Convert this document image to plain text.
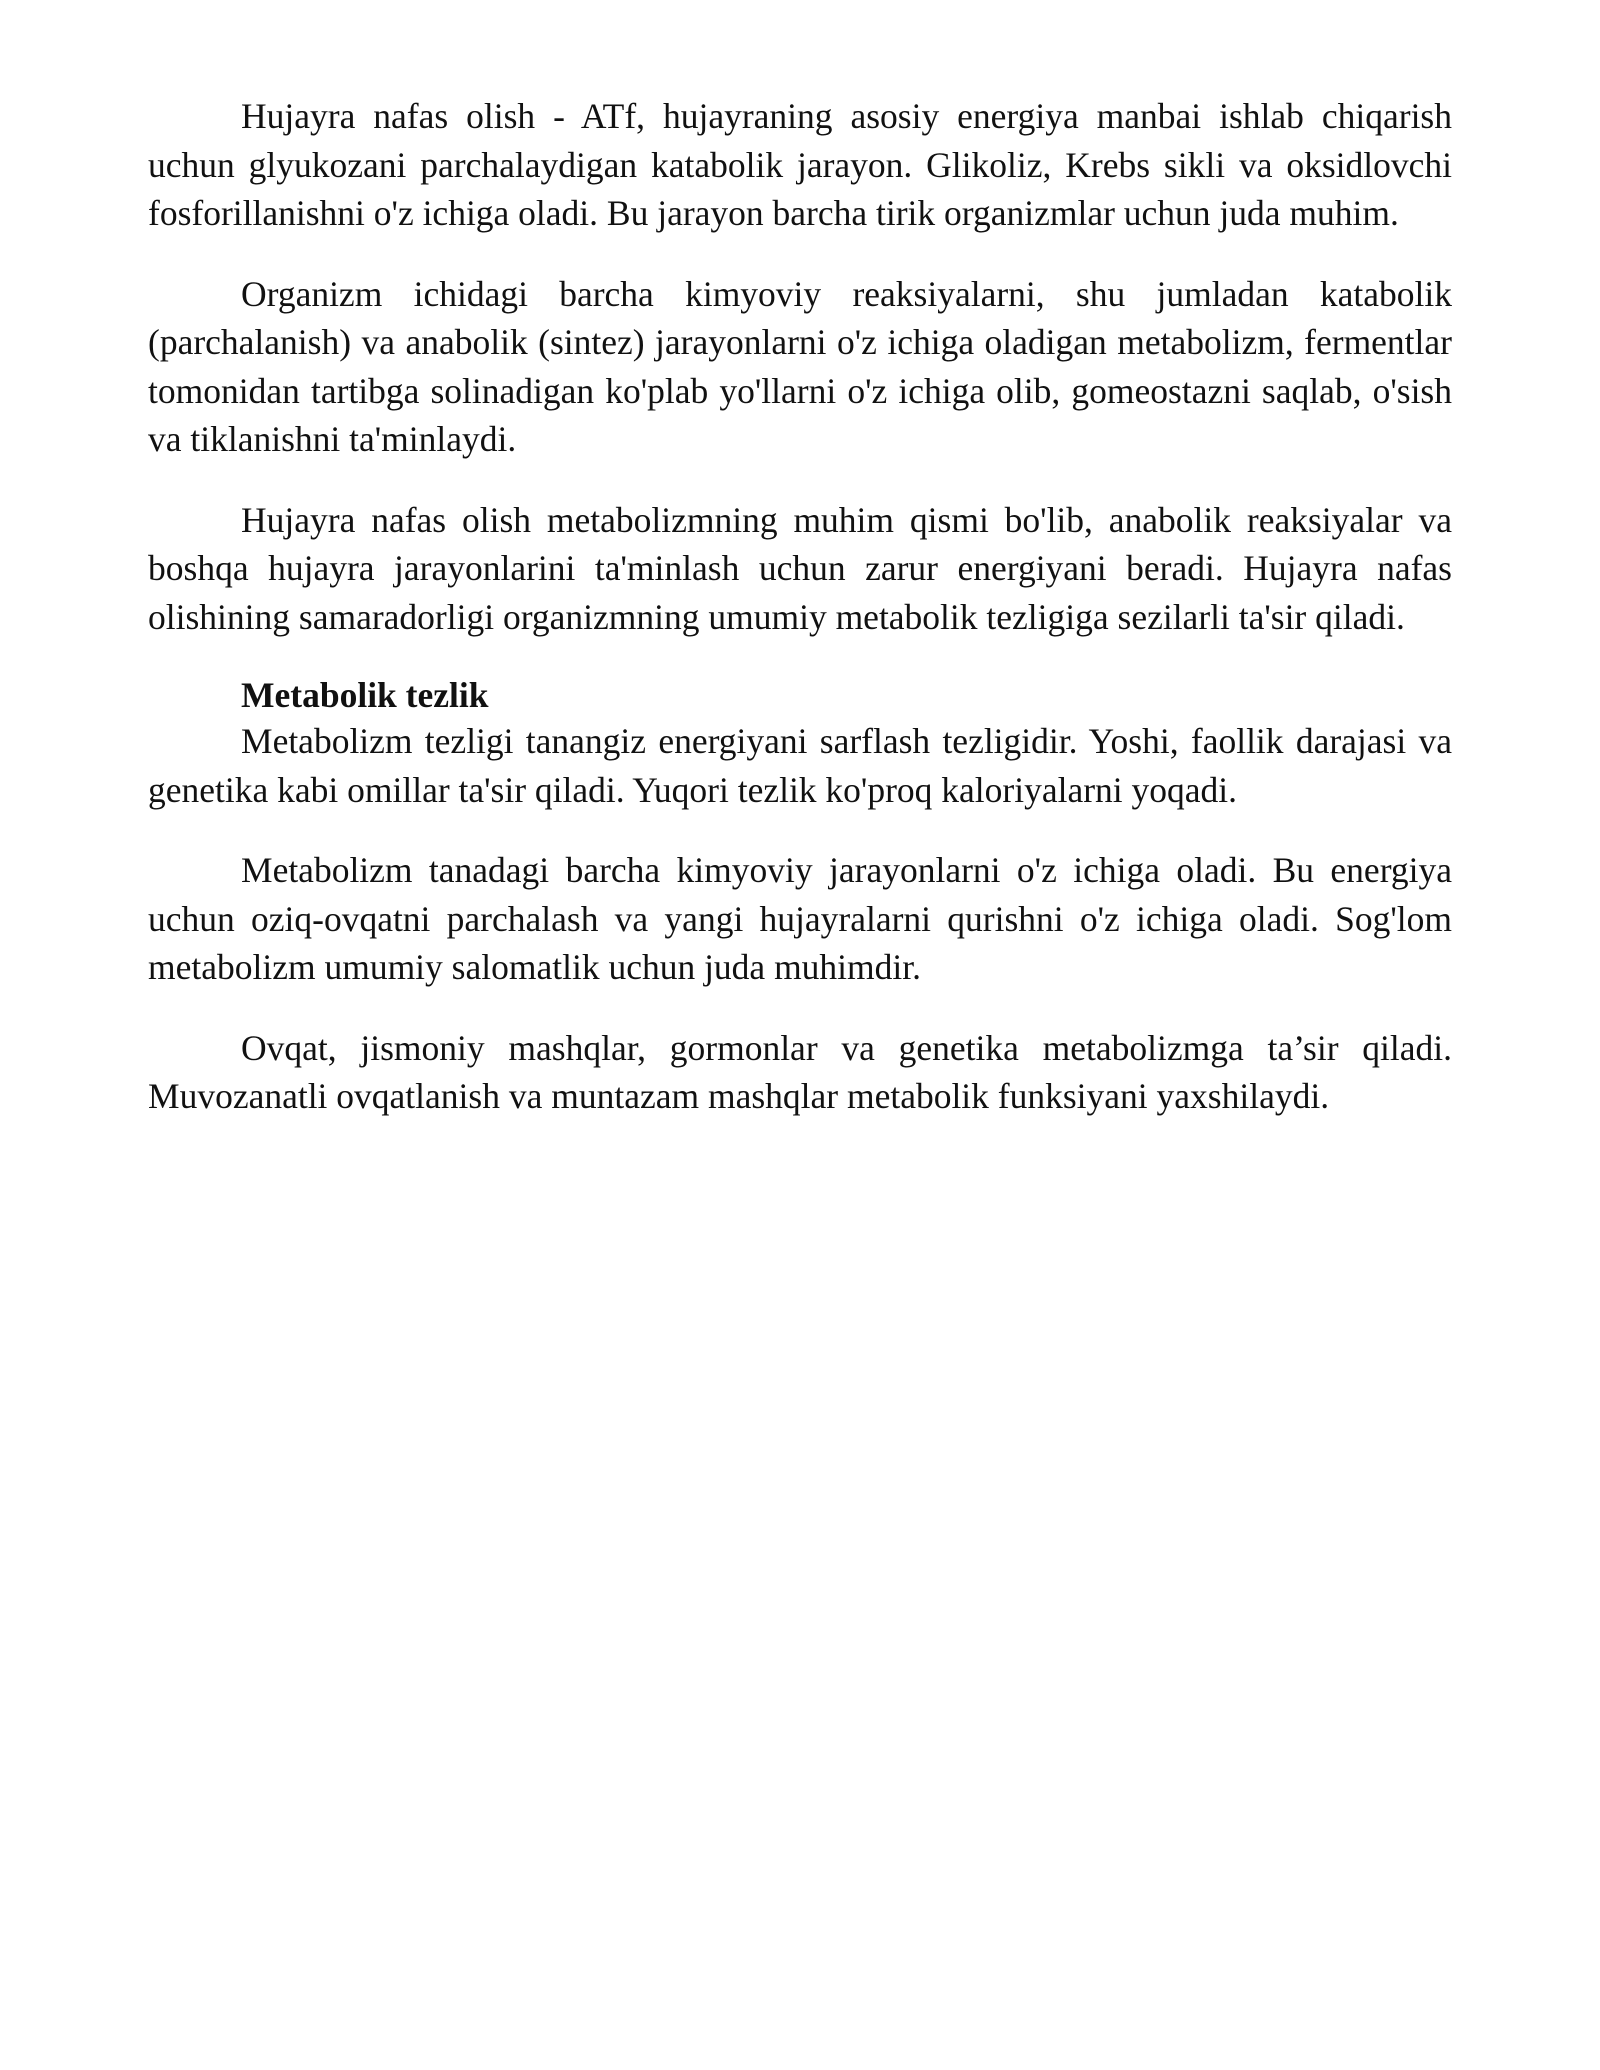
Hujayra nafas olish - ATf, hujayraning asosiy energiya manbai ishlab chiqarish uchun glyukozani parchalaydigan katabolik jarayon. Glikoliz, Krebs sikli va oksidlovchi fosforillanishni o'z ichiga oladi. Bu jarayon barcha tirik organizmlar uchun juda muhim.

Organizm ichidagi barcha kimyoviy reaksiyalarni, shu jumladan katabolik (parchalanish) va anabolik (sintez) jarayonlarni o'z ichiga oladigan metabolizm, fermentlar tomonidan tartibga solinadigan ko'plab yo'llarni o'z ichiga olib, gomeostazni saqlab, o'sish va tiklanishni ta'minlaydi.

Hujayra nafas olish metabolizmning muhim qismi bo'lib, anabolik reaksiyalar va boshqa hujayra jarayonlarini ta'minlash uchun zarur energiyani beradi. Hujayra nafas olishining samaradorligi organizmning umumiy metabolik tezligiga sezilarli ta'sir qiladi.

Metabolik tezlik

Metabolizm tezligi tanangiz energiyani sarflash tezligidir. Yoshi, faollik darajasi va genetika kabi omillar ta'sir qiladi. Yuqori tezlik ko'proq kaloriyalarni yoqadi.

Metabolizm tanadagi barcha kimyoviy jarayonlarni o'z ichiga oladi. Bu energiya uchun oziq-ovqatni parchalash va yangi hujayralarni qurishni o'z ichiga oladi. Sog'lom metabolizm umumiy salomatlik uchun juda muhimdir.

Ovqat, jismoniy mashqlar, gormonlar va genetika metabolizmga ta’sir qiladi. Muvozanatli ovqatlanish va muntazam mashqlar metabolik funksiyani yaxshilaydi.
